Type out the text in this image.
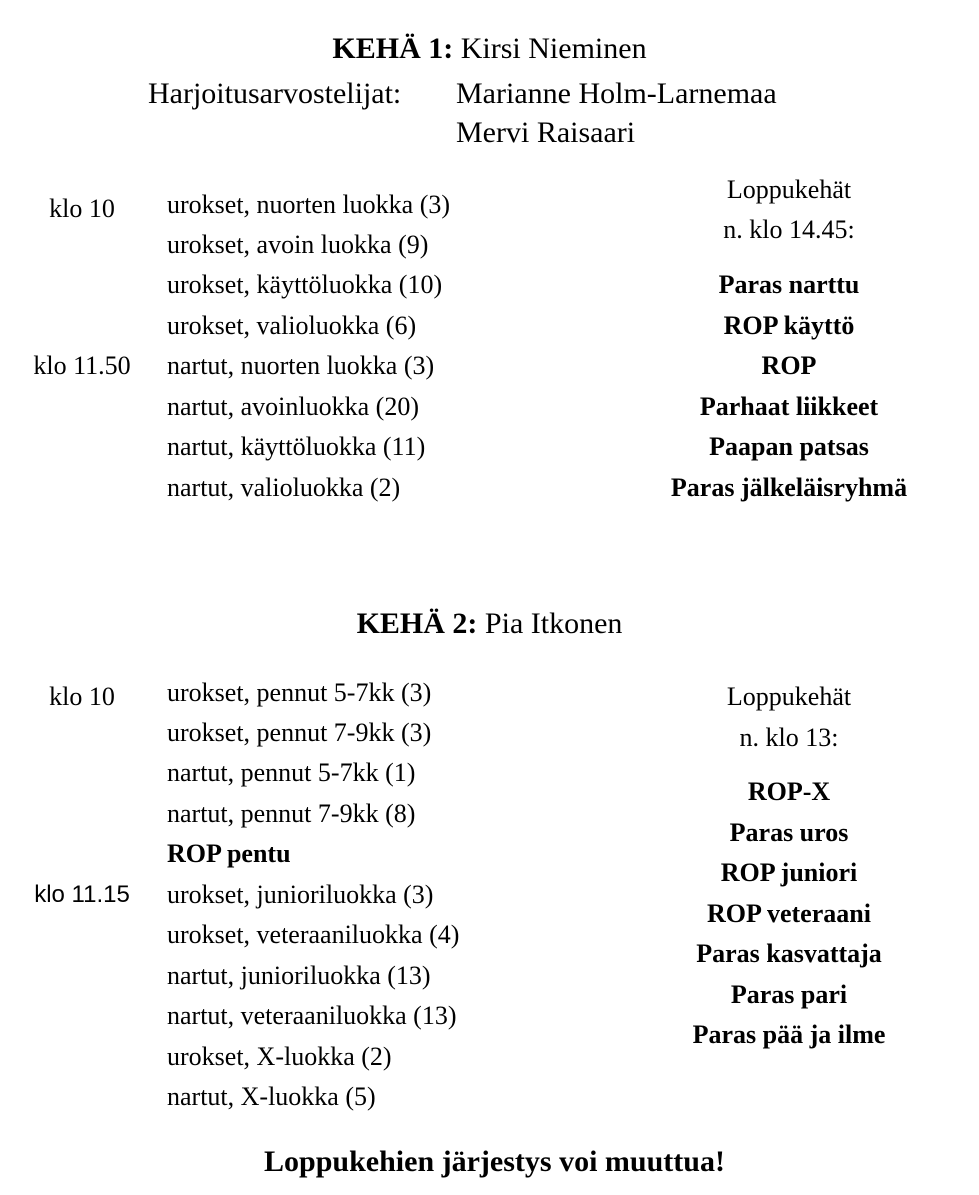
KEHÄ 1: Kirsi Nieminen
Harjoitusarvostelijat: Marianne Holm-Larnemaa
Mervi Raisaari
klo 10
klo 11.50
urokset, nuorten luokka (3)
urokset, avoin luokka (9)
urokset, käyttöluokka (10)
urokset, valioluokka (6)
nartut, nuorten luokka (3)
nartut, avoinluokka (20)
nartut, käyttöluokka (11)
nartut, valioluokka (2)
Loppukehät
n. klo 14.45:
Paras narttu
ROP käyttö
ROP
Parhaat liikkeet
Paapan patsas
Paras jälkeläisryhmä
KEHÄ 2: Pia Itkonen
klo 10
klo 11.15
urokset, pennut 5-7kk (3)
urokset, pennut 7-9kk (3)
nartut, pennut 5-7kk (1)
nartut, pennut 7-9kk (8)
ROP pentu
urokset, junioriluokka (3)
urokset, veteraaniluokka (4)
nartut, junioriluokka (13)
nartut, veteraaniluokka (13)
urokset, X-luokka (2)
nartut, X-luokka (5)
Loppukehät
n. klo 13:
ROP-X
Paras uros
ROP juniori
ROP veteraani
Paras kasvattaja
Paras pari
Paras pää ja ilme
Loppukehien järjestys voi muuttua!
